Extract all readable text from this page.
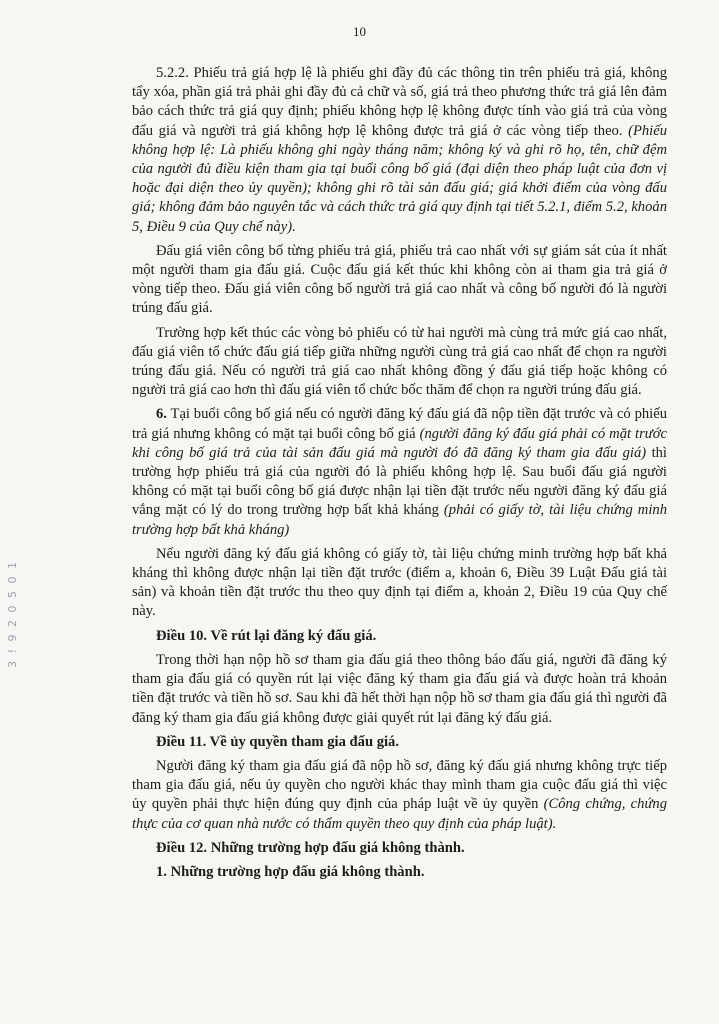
10
3 ! 9 2 0 5 0 1

5.2.2. Phiếu trả giá hợp lệ là phiếu ghi đầy đủ các thông tin trên phiếu trả giá, không tẩy xóa, phần giá trả phải ghi đầy đủ cả chữ và số, giá trả theo phương thức trả giá lên đảm bảo cách thức trả giá quy định; phiếu không hợp lệ không được tính vào giá trả của vòng đấu giá và người trả giá không hợp lệ không được trả giá ở các vòng tiếp theo. (Phiếu không hợp lệ: Là phiếu không ghi ngày tháng năm; không ký và ghi rõ họ, tên, chữ đệm của người đủ điều kiện tham gia tại buổi công bố giá (đại diện theo pháp luật của đơn vị hoặc đại diện theo ủy quyền); không ghi rõ tài sản đấu giá; giá khởi điểm của vòng đấu giá; không đảm bảo nguyên tắc và cách thức trả giá quy định tại tiết 5.2.1, điểm 5.2, khoản 5, Điều 9 của Quy chế này).

Đấu giá viên công bố từng phiếu trả giá, phiếu trả cao nhất với sự giám sát của ít nhất một người tham gia đấu giá. Cuộc đấu giá kết thúc khi không còn ai tham gia trả giá ở vòng tiếp theo. Đấu giá viên công bố người trả giá cao nhất và công bố người đó là người trúng đấu giá.

Trường hợp kết thúc các vòng bỏ phiếu có từ hai người mà cùng trả mức giá cao nhất, đấu giá viên tổ chức đấu giá tiếp giữa những người cùng trả giá cao nhất để chọn ra người trúng đấu giá. Nếu có người trả giá cao nhất không đồng ý đấu giá tiếp hoặc không có người trả giá cao hơn thì đấu giá viên tổ chức bốc thăm để chọn ra người trúng đấu giá.

6. Tại buổi công bố giá nếu có người đăng ký đấu giá đã nộp tiền đặt trước và có phiếu trả giá nhưng không có mặt tại buổi công bố giá (người đăng ký đấu giá phải có mặt trước khi công bố giá trả của tài sản đấu giá mà người đó đã đăng ký tham gia đấu giá) thì trường hợp phiếu trả giá của người đó là phiếu không hợp lệ. Sau buổi đấu giá người không có mặt tại buổi công bố giá được nhận lại tiền đặt trước nếu người đăng ký đấu giá vắng mặt có lý do trong trường hợp bất khả kháng (phải có giấy tờ, tài liệu chứng minh trường hợp bất khả kháng)

Nếu người đăng ký đấu giá không có giấy tờ, tài liệu chứng minh trường hợp bất khả kháng thì không được nhận lại tiền đặt trước (điểm a, khoản 6, Điều 39 Luật Đấu giá tài sản) và khoản tiền đặt trước thu theo quy định tại điểm a, khoản 2, Điều 19 của Quy chế này.

Điều 10. Về rút lại đăng ký đấu giá.

Trong thời hạn nộp hồ sơ tham gia đấu giá theo thông báo đấu giá, người đã đăng ký tham gia đấu giá có quyền rút lại việc đăng ký tham gia đấu giá và được hoàn trả khoản tiền đặt trước và tiền hồ sơ. Sau khi đã hết thời hạn nộp hồ sơ tham gia đấu giá thì người đã đăng ký tham gia đấu giá không được giải quyết rút lại đăng ký đấu giá.

Điều 11. Về ủy quyền tham gia đấu giá.

Người đăng ký tham gia đấu giá đã nộp hồ sơ, đăng ký đấu giá nhưng không trực tiếp tham gia đấu giá, nếu ủy quyền cho người khác thay mình tham gia cuộc đấu giá thì việc ủy quyền phải thực hiện đúng quy định của pháp luật về ủy quyền (Công chứng, chứng thực của cơ quan nhà nước có thẩm quyền theo quy định của pháp luật).

Điều 12. Những trường hợp đấu giá không thành.

1. Những trường hợp đấu giá không thành.
